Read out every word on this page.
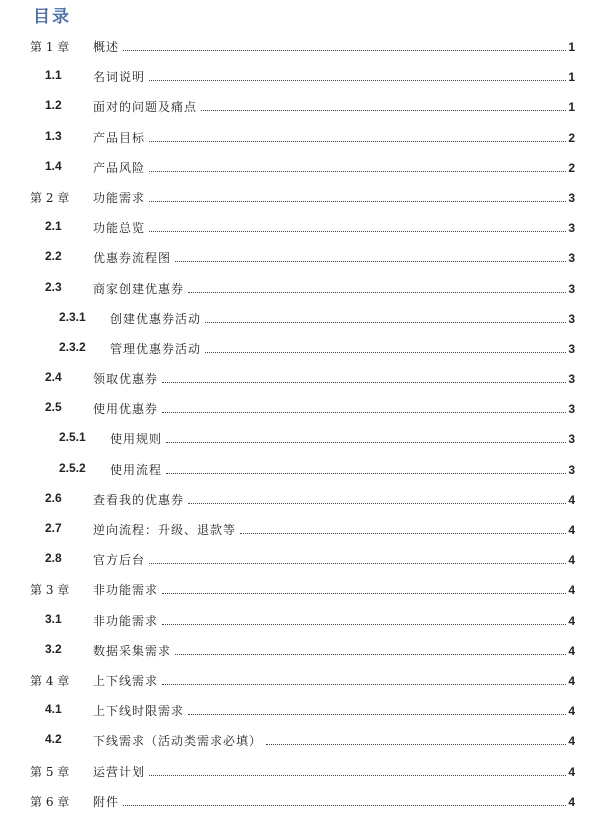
目录
第 1 章 概述	1
1.1	名词说明	1
1.2	面对的问题及痛点	1
1.3	产品目标	2
1.4	产品风险	2
第 2 章 功能需求	3
2.1	功能总览	3
2.2	优惠券流程图	3
2.3	商家创建优惠券	3
2.3.1 创建优惠券活动	3
2.3.2 管理优惠券活动	3
2.4	领取优惠券	3
2.5	使用优惠券	3
2.5.1 使用规则	3
2.5.2 使用流程	3
2.6	查看我的优惠券	4
2.7	逆向流程：升级、退款等	4
2.8	官方后台	4
第 3 章 非功能需求	4
3.1	非功能需求	4
3.2	数据采集需求	4
第 4 章 上下线需求	4
4.1	上下线时限需求	4
4.2	下线需求（活动类需求必填）	4
第 5 章 运营计划	4
第 6 章 附件	4
